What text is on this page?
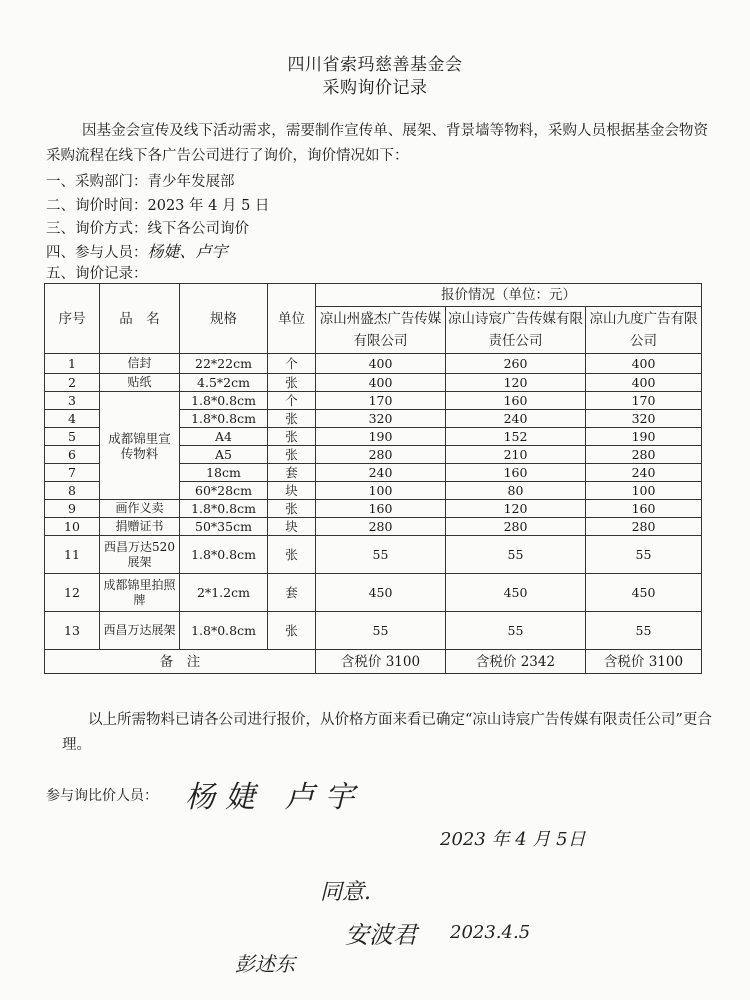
四川省索玛慈善基金会
采购询价记录
因基金会宣传及线下活动需求，需要制作宣传单、展架、背景墙等物料，采购人员根据基金会物资采购流程在线下各广告公司进行了询价，询价情况如下：
一、采购部门：青少年发展部
二、询价时间：2023 年 4 月 5 日
三、询价方式：线下各公司询价
四、参与人员：杨婕、卢宇
五、询价记录：
序号	品　名	规格	单位	报价情况（单位：元）		
				凉山州盛杰广告传媒有限公司	凉山诗宸广告传媒有限责任公司	凉山九度广告有限公司
1	信封	22*22cm	个	400	260	400
2	贴纸	4.5*2cm	张	400	120	400
3	成都锦里宣传物料	1.8*0.8cm	个	170	160	170
4		1.8*0.8cm	张	320	240	320
5		A4	张	190	152	190
6		A5	张	280	210	280
7		18cm	套	240	160	240
8		60*28cm	块	100	80	100
9	画作义卖	1.8*0.8cm	张	160	120	160
10	捐赠证书	50*35cm	块	280	280	280
11	西昌万达520展架	1.8*0.8cm	张	55	55	55
12	成都锦里拍照牌	2*1.2cm	套	450	450	450
13	西昌万达展架	1.8*0.8cm	张	55	55	55
备　注				含税价 3100	含税价 2342	含税价 3100
以上所需物料已请各公司进行报价，从价格方面来看已确定“凉山诗宸广告传媒有限责任公司”更合理。
参与询比价人员： 杨婕 卢宇
2023 年 4 月 5日
同意.
安波君 2023.4.5
彭述东
